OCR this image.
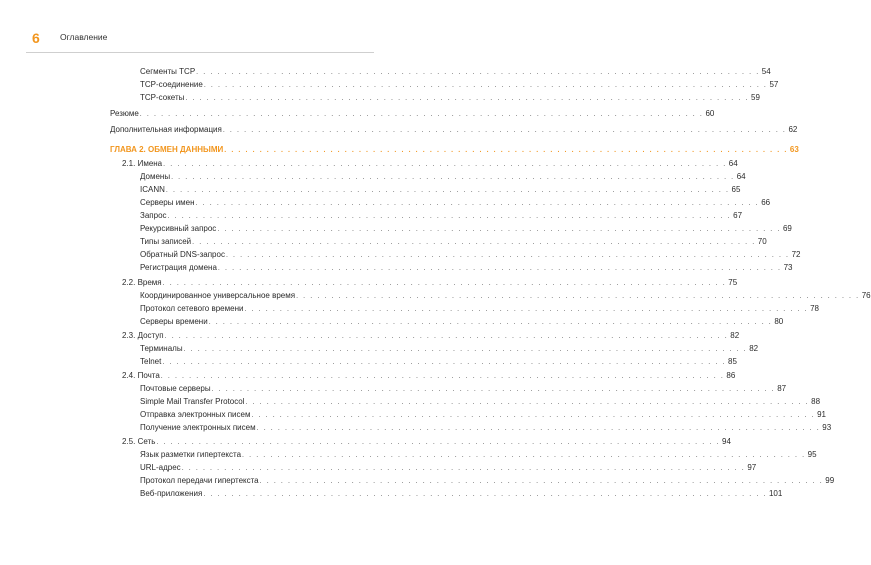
6 Оглавление
Сегменты TCP . . . . . . . . . . . . . . . . . . . . . . . . . . . . . . . . . . . . . . . . . . . . . . . . . . . . . . . . . . . . . . . . . . . . . . . . . . . . . . . . 54
TCP-соединение . . . . . . . . . . . . . . . . . . . . . . . . . . . . . . . . . . . . . . . . . . . . . . . . . . . . . . . . . . . . . . . . . . . . . . . . . . . . . . . . 57
TCP-сокеты . . . . . . . . . . . . . . . . . . . . . . . . . . . . . . . . . . . . . . . . . . . . . . . . . . . . . . . . . . . . . . . . . . . . . . . . . . . . . . . . 59
Резюме . . . . . . . . . . . . . . . . . . . . . . . . . . . . . . . . . . . . . . . . . . . . . . . . . . . . . . . . . . . . . . . . . . . . . . . . . . . . . . . . 60
Дополнительная информация . . . . . . . . . . . . . . . . . . . . . . . . . . . . . . . . . . . . . . . . . . . . . . . . . . . . . . . . . . . . . . . . . . . . . . . . . . . . . . . . 62
ГЛАВА 2. ОБМЕН ДАННЫМИ . . . . . . . . . . . . . . . . . . . . . . . . . . . . . . . . . . . . . . . . . . . . . . . . . . . . . . . . . . . . . . . . . . . . . . . . . . . . . . . . 63
2.1. Имена . . . . . . . . . . . . . . . . . . . . . . . . . . . . . . . . . . . . . . . . . . . . . . . . . . . . . . . . . . . . . . . . . . . . . . . . . . . . . . . . 64
Домены . . . . . . . . . . . . . . . . . . . . . . . . . . . . . . . . . . . . . . . . . . . . . . . . . . . . . . . . . . . . . . . . . . . . . . . . . . . . . . . . 64
ICANN . . . . . . . . . . . . . . . . . . . . . . . . . . . . . . . . . . . . . . . . . . . . . . . . . . . . . . . . . . . . . . . . . . . . . . . . . . . . . . . . 65
Серверы имен . . . . . . . . . . . . . . . . . . . . . . . . . . . . . . . . . . . . . . . . . . . . . . . . . . . . . . . . . . . . . . . . . . . . . . . . . . . . . . . . 66
Запрос . . . . . . . . . . . . . . . . . . . . . . . . . . . . . . . . . . . . . . . . . . . . . . . . . . . . . . . . . . . . . . . . . . . . . . . . . . . . . . . . 67
Рекурсивный запрос . . . . . . . . . . . . . . . . . . . . . . . . . . . . . . . . . . . . . . . . . . . . . . . . . . . . . . . . . . . . . . . . . . . . . . . . . . . . . . . . 69
Типы записей . . . . . . . . . . . . . . . . . . . . . . . . . . . . . . . . . . . . . . . . . . . . . . . . . . . . . . . . . . . . . . . . . . . . . . . . . . . . . . . . 70
Обратный DNS-запрос . . . . . . . . . . . . . . . . . . . . . . . . . . . . . . . . . . . . . . . . . . . . . . . . . . . . . . . . . . . . . . . . . . . . . . . . . . . . . . . . 72
Регистрация домена . . . . . . . . . . . . . . . . . . . . . . . . . . . . . . . . . . . . . . . . . . . . . . . . . . . . . . . . . . . . . . . . . . . . . . . . . . . . . . . . 73
2.2. Время . . . . . . . . . . . . . . . . . . . . . . . . . . . . . . . . . . . . . . . . . . . . . . . . . . . . . . . . . . . . . . . . . . . . . . . . . . . . . . . . 75
Координированное универсальное время . . . . . . . . . . . . . . . . . . . . . . . . . . . . . . . . . . . . . . . . . . . . . . . . . . . . . . . . . . . . . . . . . . . . . . . . . . . . . . . . 76
Протокол сетевого времени . . . . . . . . . . . . . . . . . . . . . . . . . . . . . . . . . . . . . . . . . . . . . . . . . . . . . . . . . . . . . . . . . . . . . . . . . . . . . . . . 78
Серверы времени . . . . . . . . . . . . . . . . . . . . . . . . . . . . . . . . . . . . . . . . . . . . . . . . . . . . . . . . . . . . . . . . . . . . . . . . . . . . . . . . 80
2.3. Доступ . . . . . . . . . . . . . . . . . . . . . . . . . . . . . . . . . . . . . . . . . . . . . . . . . . . . . . . . . . . . . . . . . . . . . . . . . . . . . . . . 82
Терминалы . . . . . . . . . . . . . . . . . . . . . . . . . . . . . . . . . . . . . . . . . . . . . . . . . . . . . . . . . . . . . . . . . . . . . . . . . . . . . . . . 82
Telnet . . . . . . . . . . . . . . . . . . . . . . . . . . . . . . . . . . . . . . . . . . . . . . . . . . . . . . . . . . . . . . . . . . . . . . . . . . . . . . . . 85
2.4. Почта . . . . . . . . . . . . . . . . . . . . . . . . . . . . . . . . . . . . . . . . . . . . . . . . . . . . . . . . . . . . . . . . . . . . . . . . . . . . . . . . 86
Почтовые серверы . . . . . . . . . . . . . . . . . . . . . . . . . . . . . . . . . . . . . . . . . . . . . . . . . . . . . . . . . . . . . . . . . . . . . . . . . . . . . . . . 87
Simple Mail Transfer Protocol . . . . . . . . . . . . . . . . . . . . . . . . . . . . . . . . . . . . . . . . . . . . . . . . . . . . . . . . . . . . . . . . . . . . . . . . . . . . . . . . 88
Отправка электронных писем . . . . . . . . . . . . . . . . . . . . . . . . . . . . . . . . . . . . . . . . . . . . . . . . . . . . . . . . . . . . . . . . . . . . . . . . . . . . . . . . 91
Получение электронных писем . . . . . . . . . . . . . . . . . . . . . . . . . . . . . . . . . . . . . . . . . . . . . . . . . . . . . . . . . . . . . . . . . . . . . . . . . . . . . . . . 93
2.5. Сеть . . . . . . . . . . . . . . . . . . . . . . . . . . . . . . . . . . . . . . . . . . . . . . . . . . . . . . . . . . . . . . . . . . . . . . . . . . . . . . . . 94
Язык разметки гипертекста . . . . . . . . . . . . . . . . . . . . . . . . . . . . . . . . . . . . . . . . . . . . . . . . . . . . . . . . . . . . . . . . . . . . . . . . . . . . . . . . 95
URL-адрес . . . . . . . . . . . . . . . . . . . . . . . . . . . . . . . . . . . . . . . . . . . . . . . . . . . . . . . . . . . . . . . . . . . . . . . . . . . . . . . . 97
Протокол передачи гипертекста . . . . . . . . . . . . . . . . . . . . . . . . . . . . . . . . . . . . . . . . . . . . . . . . . . . . . . . . . . . . . . . . . . . . . . . . . . . . . . . . 99
Веб-приложения . . . . . . . . . . . . . . . . . . . . . . . . . . . . . . . . . . . . . . . . . . . . . . . . . . . . . . . . . . . . . . . . . . . . . . . . . . . . . . . . 101
